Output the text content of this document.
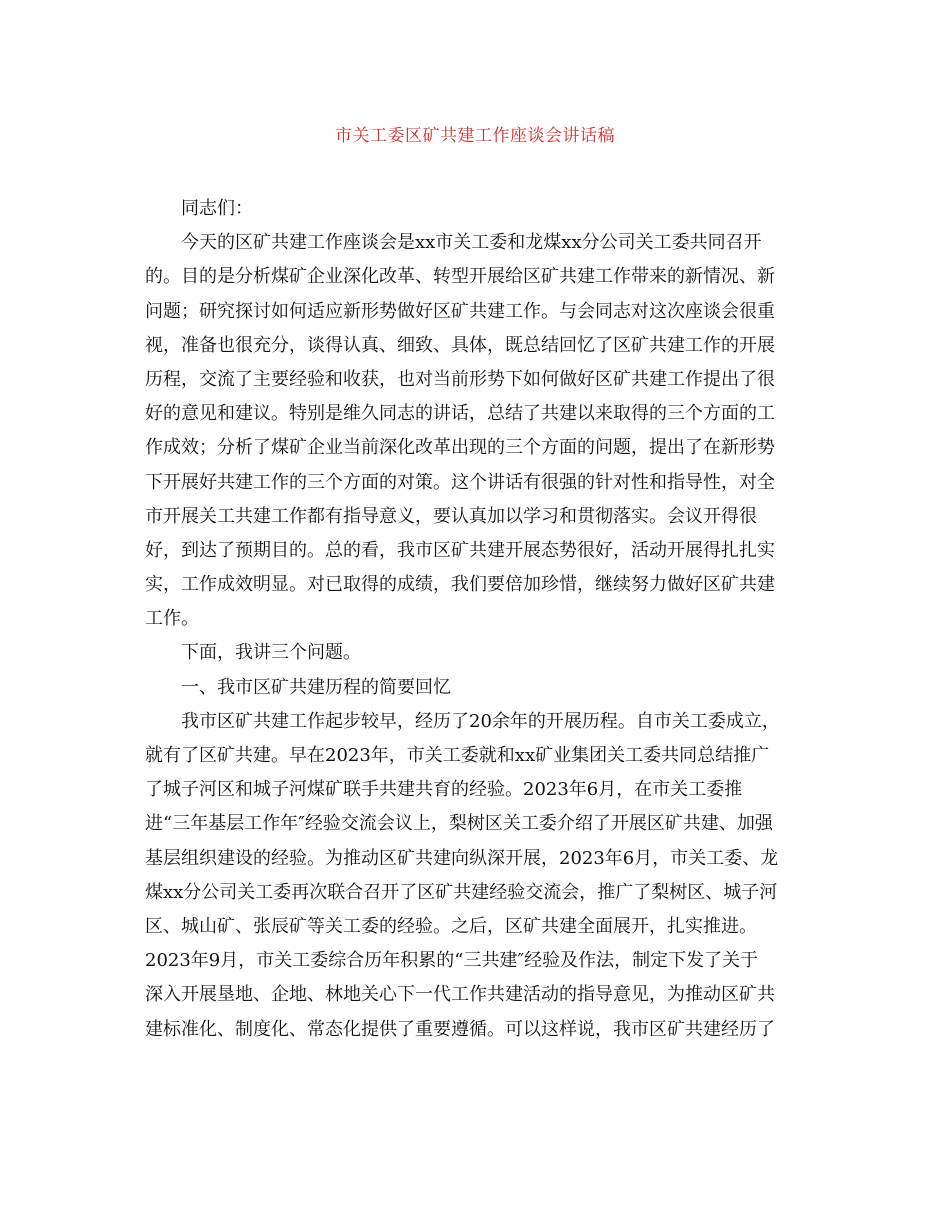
市关工委区矿共建工作座谈会讲话稿
同志们：
今天的区矿共建工作座谈会是xx市关工委和龙煤xx分公司关工委共同召开
的。目的是分析煤矿企业深化改革、转型开展给区矿共建工作带来的新情况、新
问题；研究探讨如何适应新形势做好区矿共建工作。与会同志对这次座谈会很重
视，准备也很充分，谈得认真、细致、具体，既总结回忆了区矿共建工作的开展
历程，交流了主要经验和收获，也对当前形势下如何做好区矿共建工作提出了很
好的意见和建议。特别是维久同志的讲话，总结了共建以来取得的三个方面的工
作成效；分析了煤矿企业当前深化改革出现的三个方面的问题，提出了在新形势
下开展好共建工作的三个方面的对策。这个讲话有很强的针对性和指导性，对全
市开展关工共建工作都有指导意义，要认真加以学习和贯彻落实。会议开得很
好，到达了预期目的。总的看，我市区矿共建开展态势很好，活动开展得扎扎实
实，工作成效明显。对已取得的成绩，我们要倍加珍惜，继续努力做好区矿共建
工作。
下面，我讲三个问题。
一、我市区矿共建历程的简要回忆
我市区矿共建工作起步较早，经历了20余年的开展历程。自市关工委成立，
就有了区矿共建。早在2023年，市关工委就和xx矿业集团关工委共同总结推广
了城子河区和城子河煤矿联手共建共育的经验。2023年6月，在市关工委推
进“三年基层工作年″经验交流会议上，梨树区关工委介绍了开展区矿共建、加强
基层组织建设的经验。为推动区矿共建向纵深开展，2023年6月，市关工委、龙
煤xx分公司关工委再次联合召开了区矿共建经验交流会，推广了梨树区、城子河
区、城山矿、张辰矿等关工委的经验。之后，区矿共建全面展开，扎实推进。
2023年9月，市关工委综合历年积累的“三共建″经验及作法，制定下发了关于
深入开展垦地、企地、林地关心下一代工作共建活动的指导意见，为推动区矿共
建标准化、制度化、常态化提供了重要遵循。可以这样说，我市区矿共建经历了
